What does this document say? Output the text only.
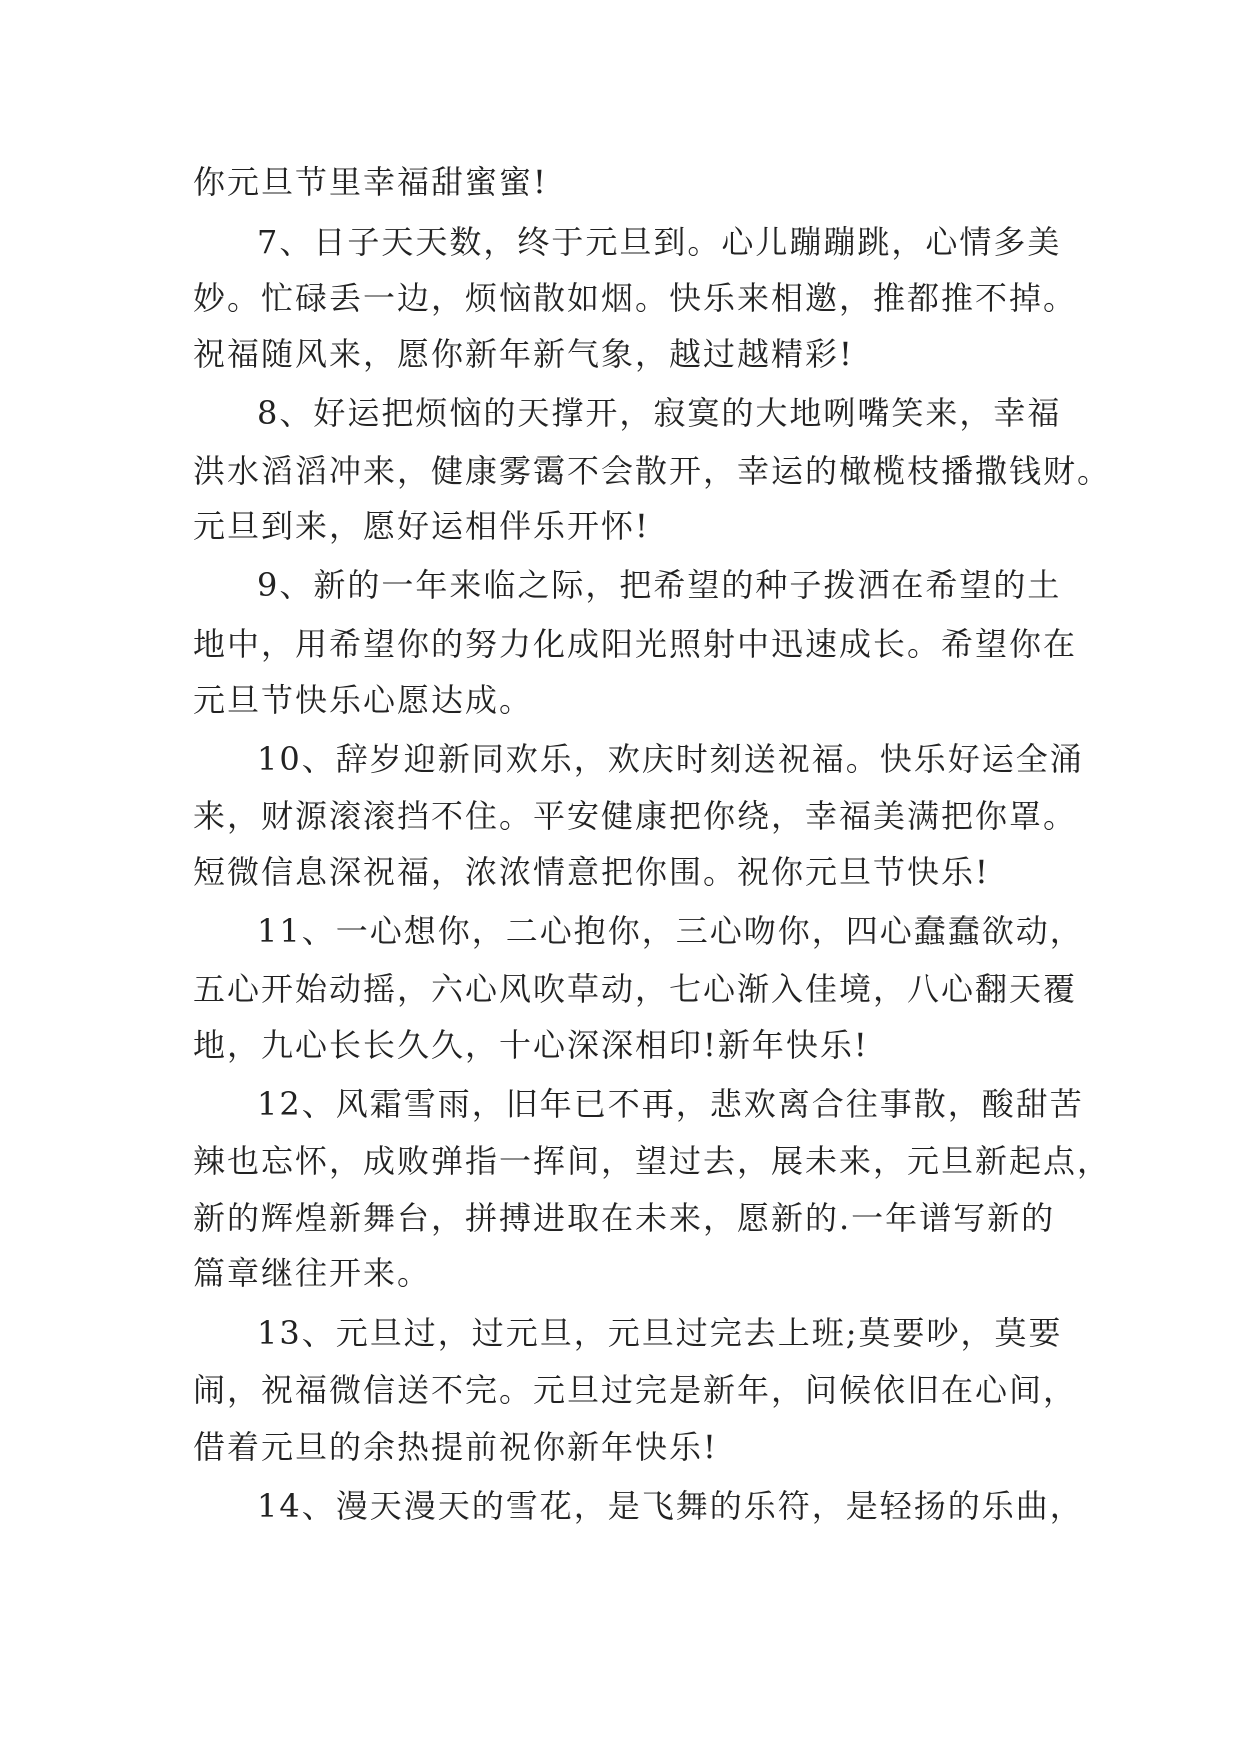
你元旦节里幸福甜蜜蜜!
7、日子天天数，终于元旦到。心儿蹦蹦跳，心情多美
妙。忙碌丢一边，烦恼散如烟。快乐来相邀，推都推不掉。
祝福随风来，愿你新年新气象，越过越精彩!
8、好运把烦恼的天撑开，寂寞的大地咧嘴笑来，幸福
洪水滔滔冲来，健康雾霭不会散开，幸运的橄榄枝播撒钱财。
元旦到来，愿好运相伴乐开怀!
9、新的一年来临之际，把希望的种子拨洒在希望的土
地中，用希望你的努力化成阳光照射中迅速成长。希望你在
元旦节快乐心愿达成。
10、辞岁迎新同欢乐，欢庆时刻送祝福。快乐好运全涌
来，财源滚滚挡不住。平安健康把你绕，幸福美满把你罩。
短微信息深祝福，浓浓情意把你围。祝你元旦节快乐!
11、一心想你，二心抱你，三心吻你，四心蠢蠢欲动，
五心开始动摇，六心风吹草动，七心渐入佳境，八心翻天覆
地，九心长长久久，十心深深相印!新年快乐!
12、风霜雪雨，旧年已不再，悲欢离合往事散，酸甜苦
辣也忘怀，成败弹指一挥间，望过去，展未来，元旦新起点，
新的辉煌新舞台，拼搏进取在未来，愿新的.一年谱写新的
篇章继往开来。
13、元旦过，过元旦，元旦过完去上班;莫要吵，莫要
闹，祝福微信送不完。元旦过完是新年，问候依旧在心间，
借着元旦的余热提前祝你新年快乐!
14、漫天漫天的雪花，是飞舞的乐符，是轻扬的乐曲，
